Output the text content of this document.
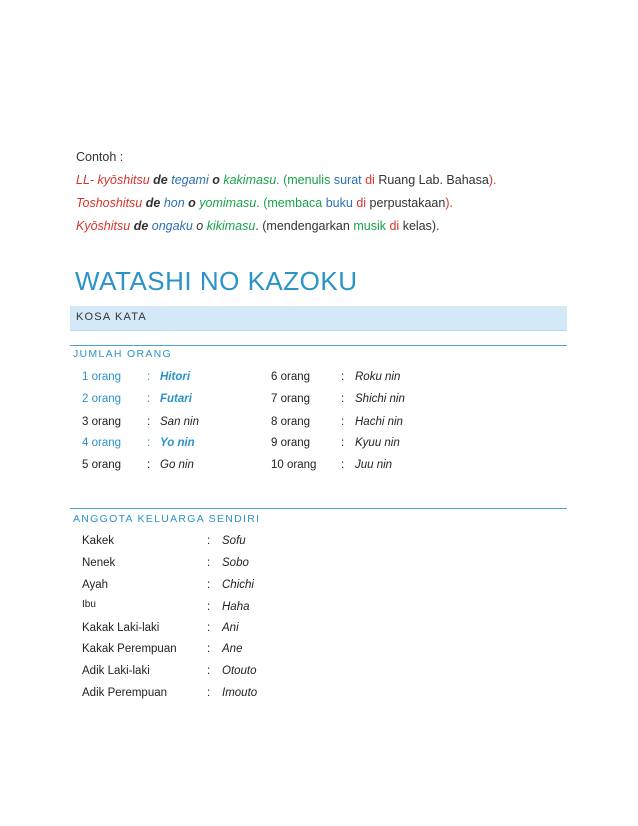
Contoh :
LL- kyōshitsu de tegami o kakimasu. (menulis surat di Ruang Lab. Bahasa).
Toshoshitsu de hon o yomimasu. (membaca buku di perpustakaan).
Kyōshitsu de ongaku o kikimasu. (mendengarkan musik di kelas).
WATASHI NO KAZOKU
KOSA KATA
JUMLAH ORANG
1 orang : Hitori	6 orang	: Roku nin
2 orang : Futari	7 orang	: Shichi nin
3 orang : San nin	8 orang	: Hachi nin
4 orang : Yo nin	9 orang	: Kyuu nin
5 orang : Go nin	10 orang : Juu nin
ANGGOTA KELUARGA SENDIRI
Kakek	: Sofu
Nenek	: Sobo
Ayah	: Chichi
Ibu	: Haha
Kakak Laki-laki	: Ani
Kakak Perempuan	: Ane
Adik Laki-laki	: Otouto
Adik Perempuan	: Imouto
